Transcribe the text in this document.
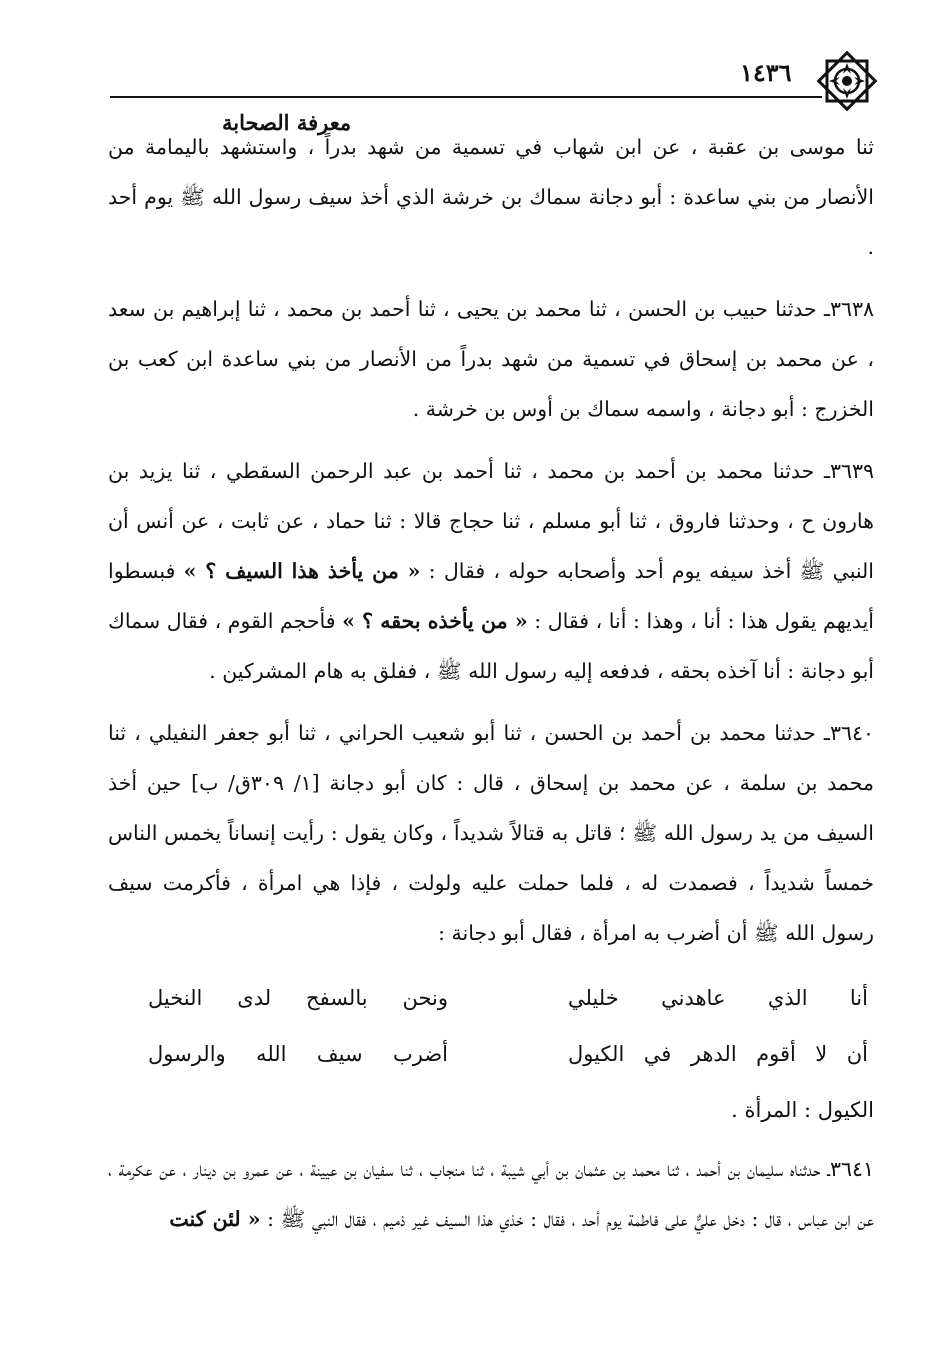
معرفة الصحابة
١٤٣٦

ثنا موسى بن عقبة ، عن ابن شهاب في تسمية من شهد بدراً ، واستشهد باليمامة من الأنصار من بني ساعدة : أبو دجانة سماك بن خرشة الذي أخذ سيف رسول الله ﷺ يوم أحد .

٣٦٣٨ـ حدثنا حبيب بن الحسن ، ثنا محمد بن يحيى ، ثنا أحمد بن محمد ، ثنا إبراهيم بن سعد ، عن محمد بن إسحاق في تسمية من شهد بدراً من الأنصار من بني ساعدة ابن كعب بن الخزرج : أبو دجانة ، واسمه سماك بن أوس بن خرشة .

٣٦٣٩ـ حدثنا محمد بن أحمد بن محمد ، ثنا أحمد بن عبد الرحمن السقطي ، ثنا يزيد بن هارون ح ، وحدثنا فاروق ، ثنا أبو مسلم ، ثنا حجاج قالا : ثنا حماد ، عن ثابت ، عن أنس أن النبي ﷺ أخذ سيفه يوم أحد وأصحابه حوله ، فقال : « من يأخذ هذا السيف ؟ » فبسطوا أيديهم يقول هذا : أنا ، وهذا : أنا ، فقال : « من يأخذه بحقه ؟ » فأحجم القوم ، فقال سماك أبو دجانة : أنا آخذه بحقه ، فدفعه إليه رسول الله ﷺ ، ففلق به هام المشركين .

٣٦٤٠ـ حدثنا محمد بن أحمد بن الحسن ، ثنا أبو شعيب الحراني ، ثنا أبو جعفر النفيلي ، ثنا محمد بن سلمة ، عن محمد بن إسحاق ، قال : كان أبو دجانة [١/ ٣٠٩ق/ ب] حين أخذ السيف من يد رسول الله ﷺ ؛ قاتل به قتالاً شديداً ، وكان يقول : رأيت إنساناً يخمس الناس خمساً شديداً ، فصمدت له ، فلما حملت عليه ولولت ، فإذا هي امرأة ، فأكرمت سيف رسول الله ﷺ أن أضرب به امرأة ، فقال أبو دجانة :

أنا الذي عاهدني خليلي
ونحن بالسفح لدى النخيل
أن لا أقوم الدهر في الكيول
أضرب سيف الله والرسول
الكيول : المرأة .

٣٦٤١ـ حدثناه سليمان بن أحمد ، ثنا محمد بن عثمان بن أبي شيبة ، ثنا منجاب ، ثنا سفيان بن عيينة ، عن عمرو بن دينار ، عن عكرمة ، عن ابن عباس ، قال : دخل عليٌّ على فاطمة يوم أحد ، فقال : خذي هذا السيف غير ذميم ، فقال النبي ﷺ : « لئن كنت
